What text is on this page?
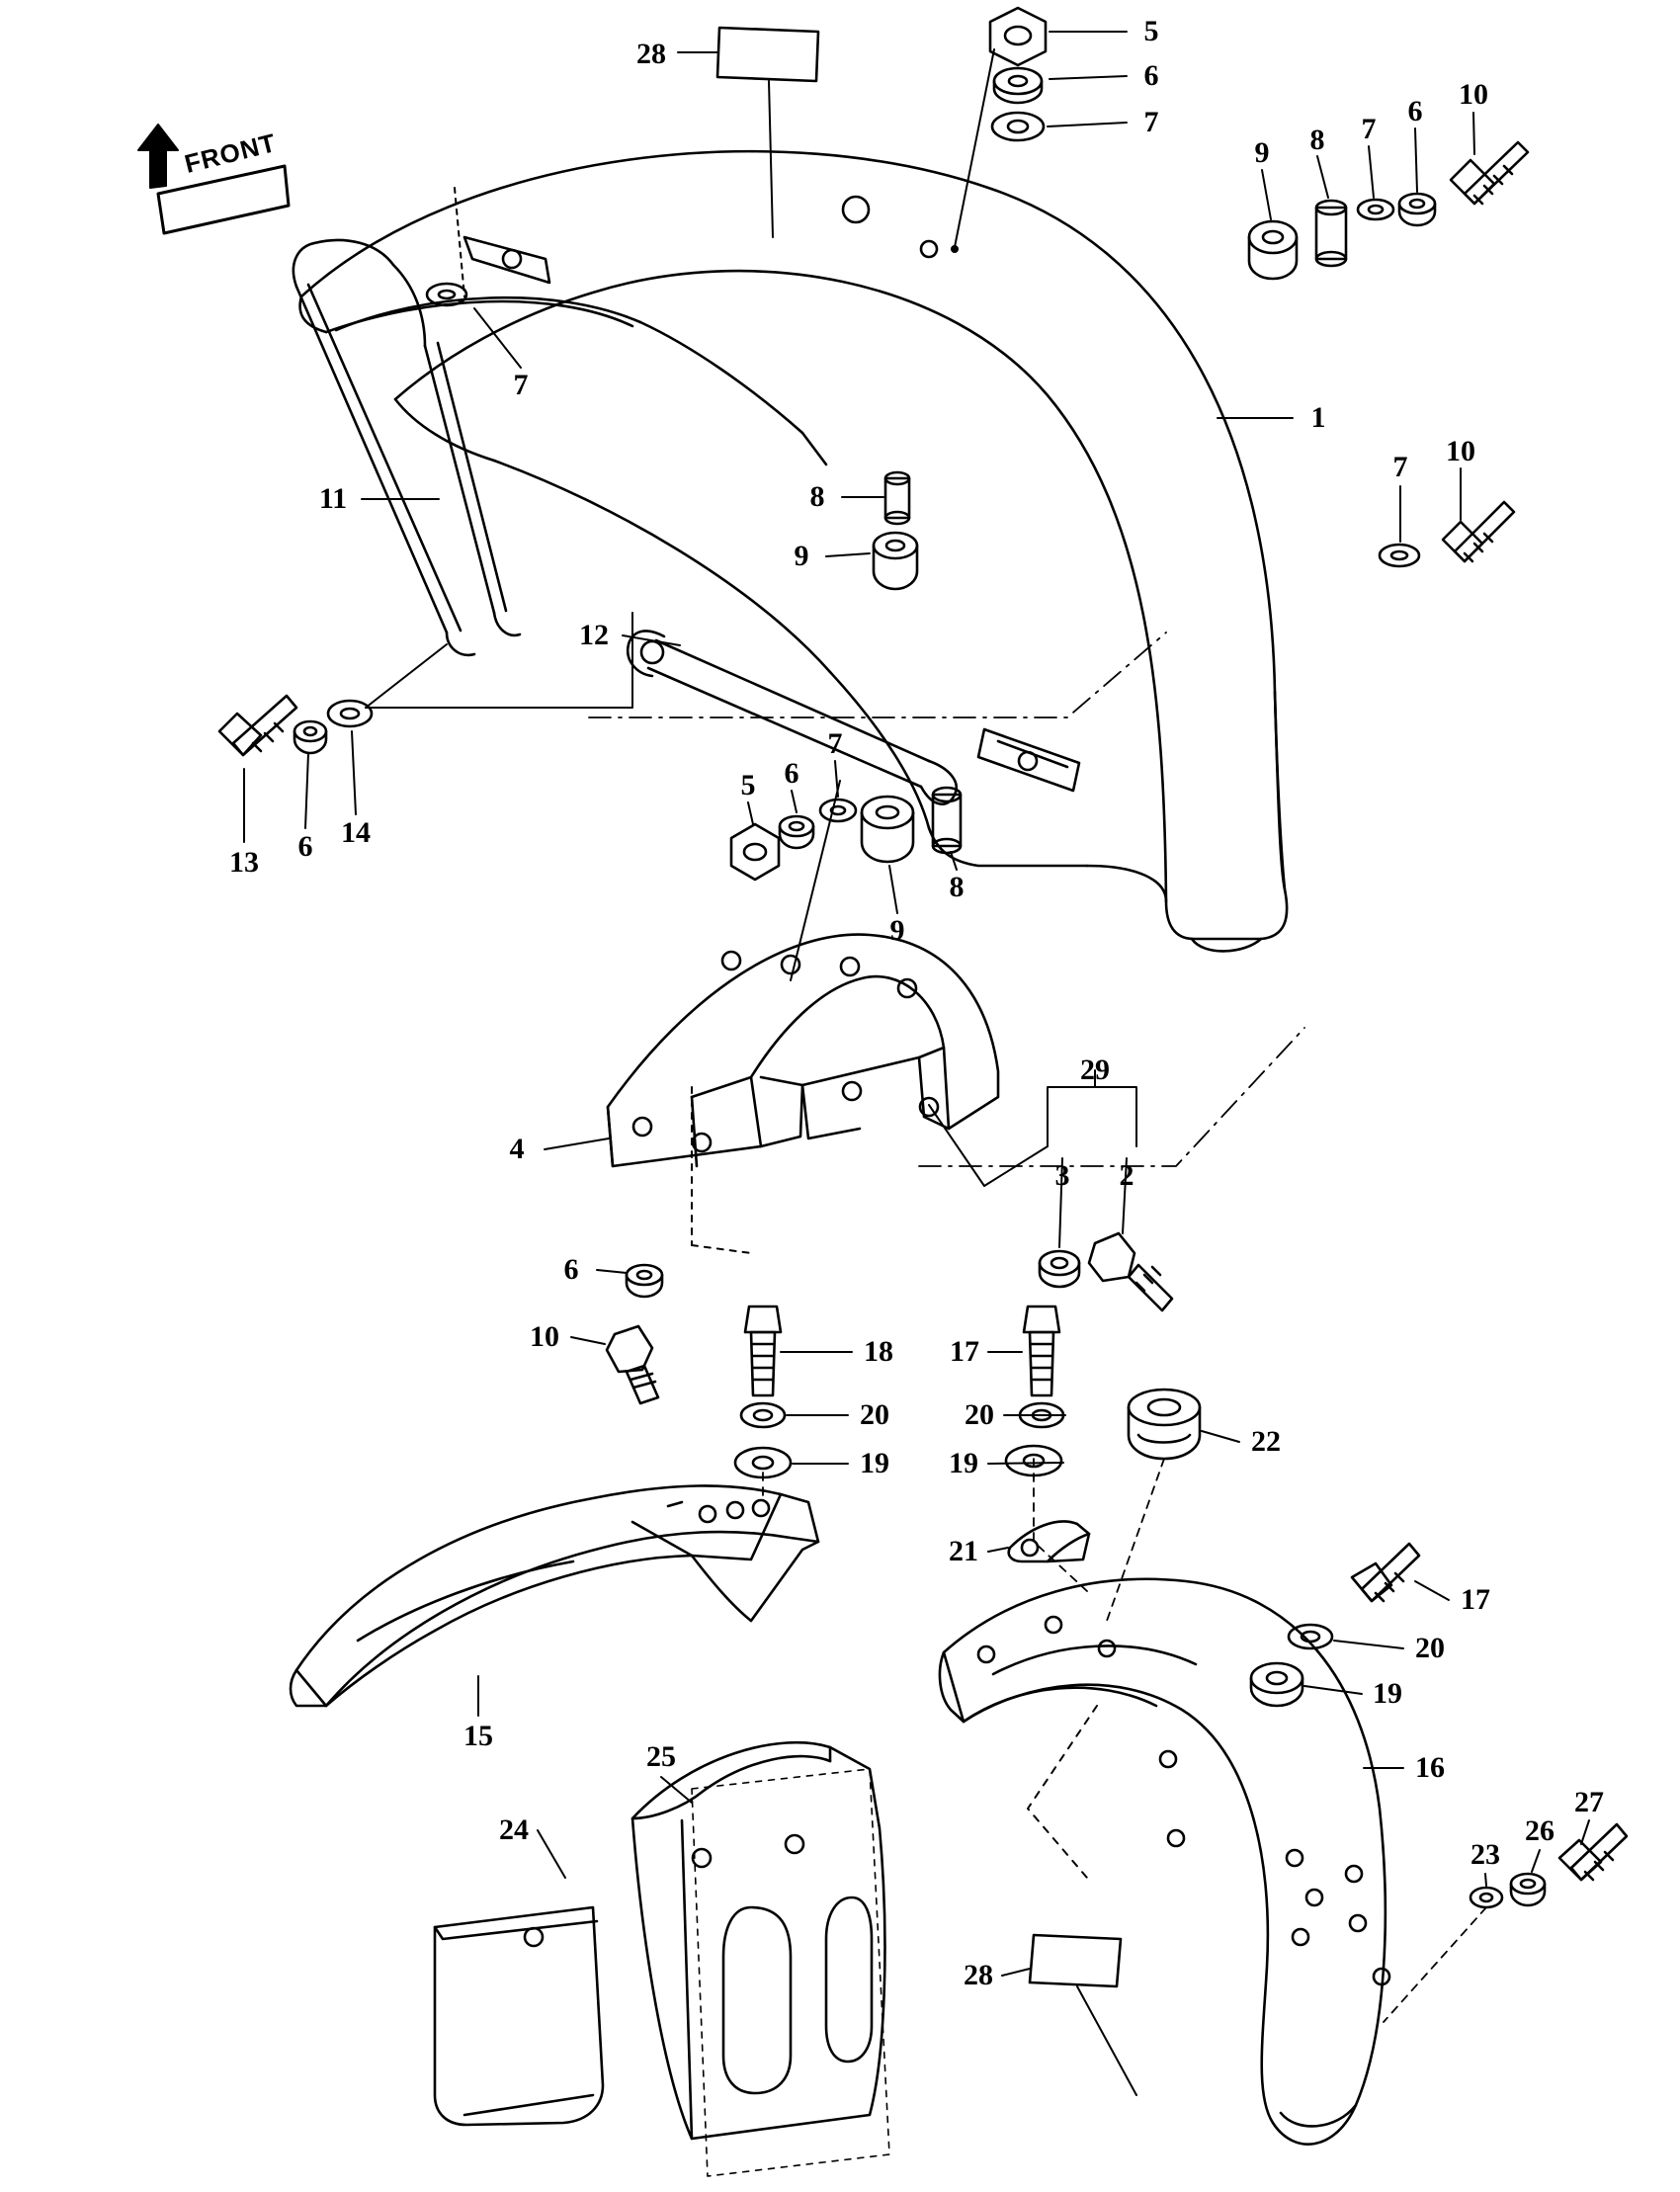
FRONT
28
5
6
7
9 8 7
6
10
7
1
11	8
7 10
9
12
5 6
7
13 6 14
9
8
4
29
3 2
6
10	18 17
20	20
19 19
22
21
17
20
19
15
16
25
24
27
26
23
28
